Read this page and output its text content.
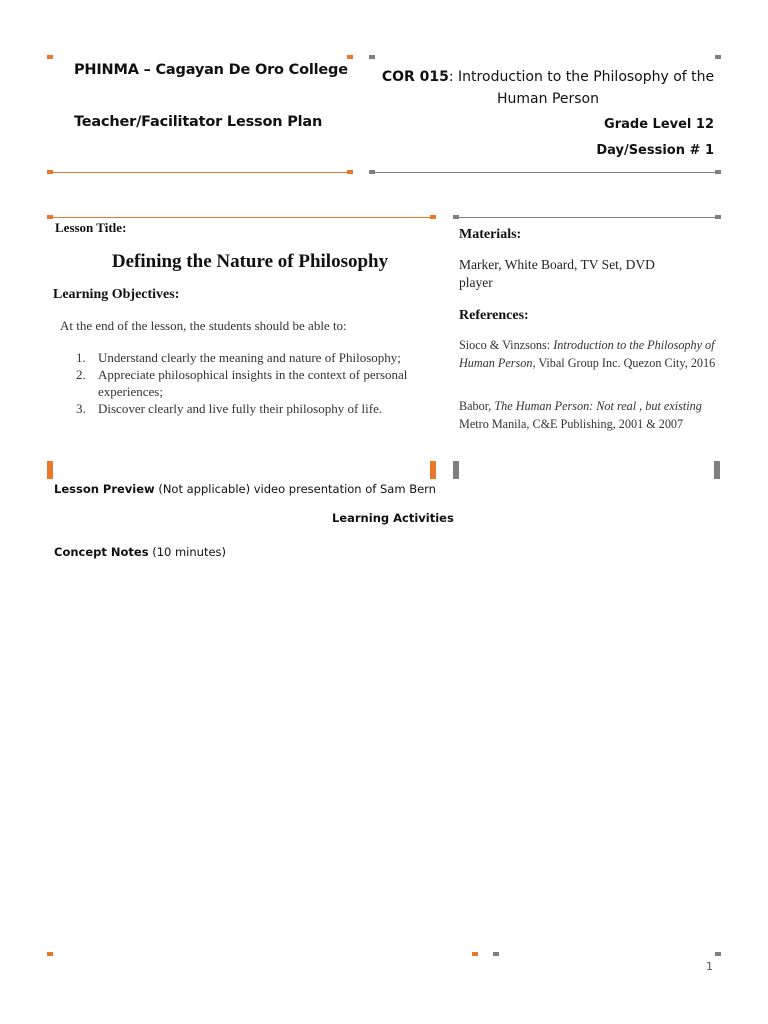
PHINMA – Cagayan De Oro College
Teacher/Facilitator Lesson Plan
COR 015: Introduction to the Philosophy of the Human Person
Grade Level 12
Day/Session # 1
Lesson Title:
Defining the Nature of Philosophy
Learning Objectives:
At the end of the lesson, the students should be able to:
1. Understand clearly the meaning and nature of Philosophy;
2. Appreciate philosophical insights in the context of personal experiences;
3. Discover clearly and live fully their philosophy of life.
Materials:
Marker, White Board, TV Set, DVD player
References:
Sioco & Vinzsons: Introduction to the Philosophy of Human Person, Vibal Group Inc. Quezon City, 2016
Babor, The Human Person: Not real , but existing Metro Manila, C&E Publishing, 2001 & 2007
Lesson Preview (Not applicable) video presentation of Sam Bern
Learning Activities
Concept Notes (10 minutes)
1
